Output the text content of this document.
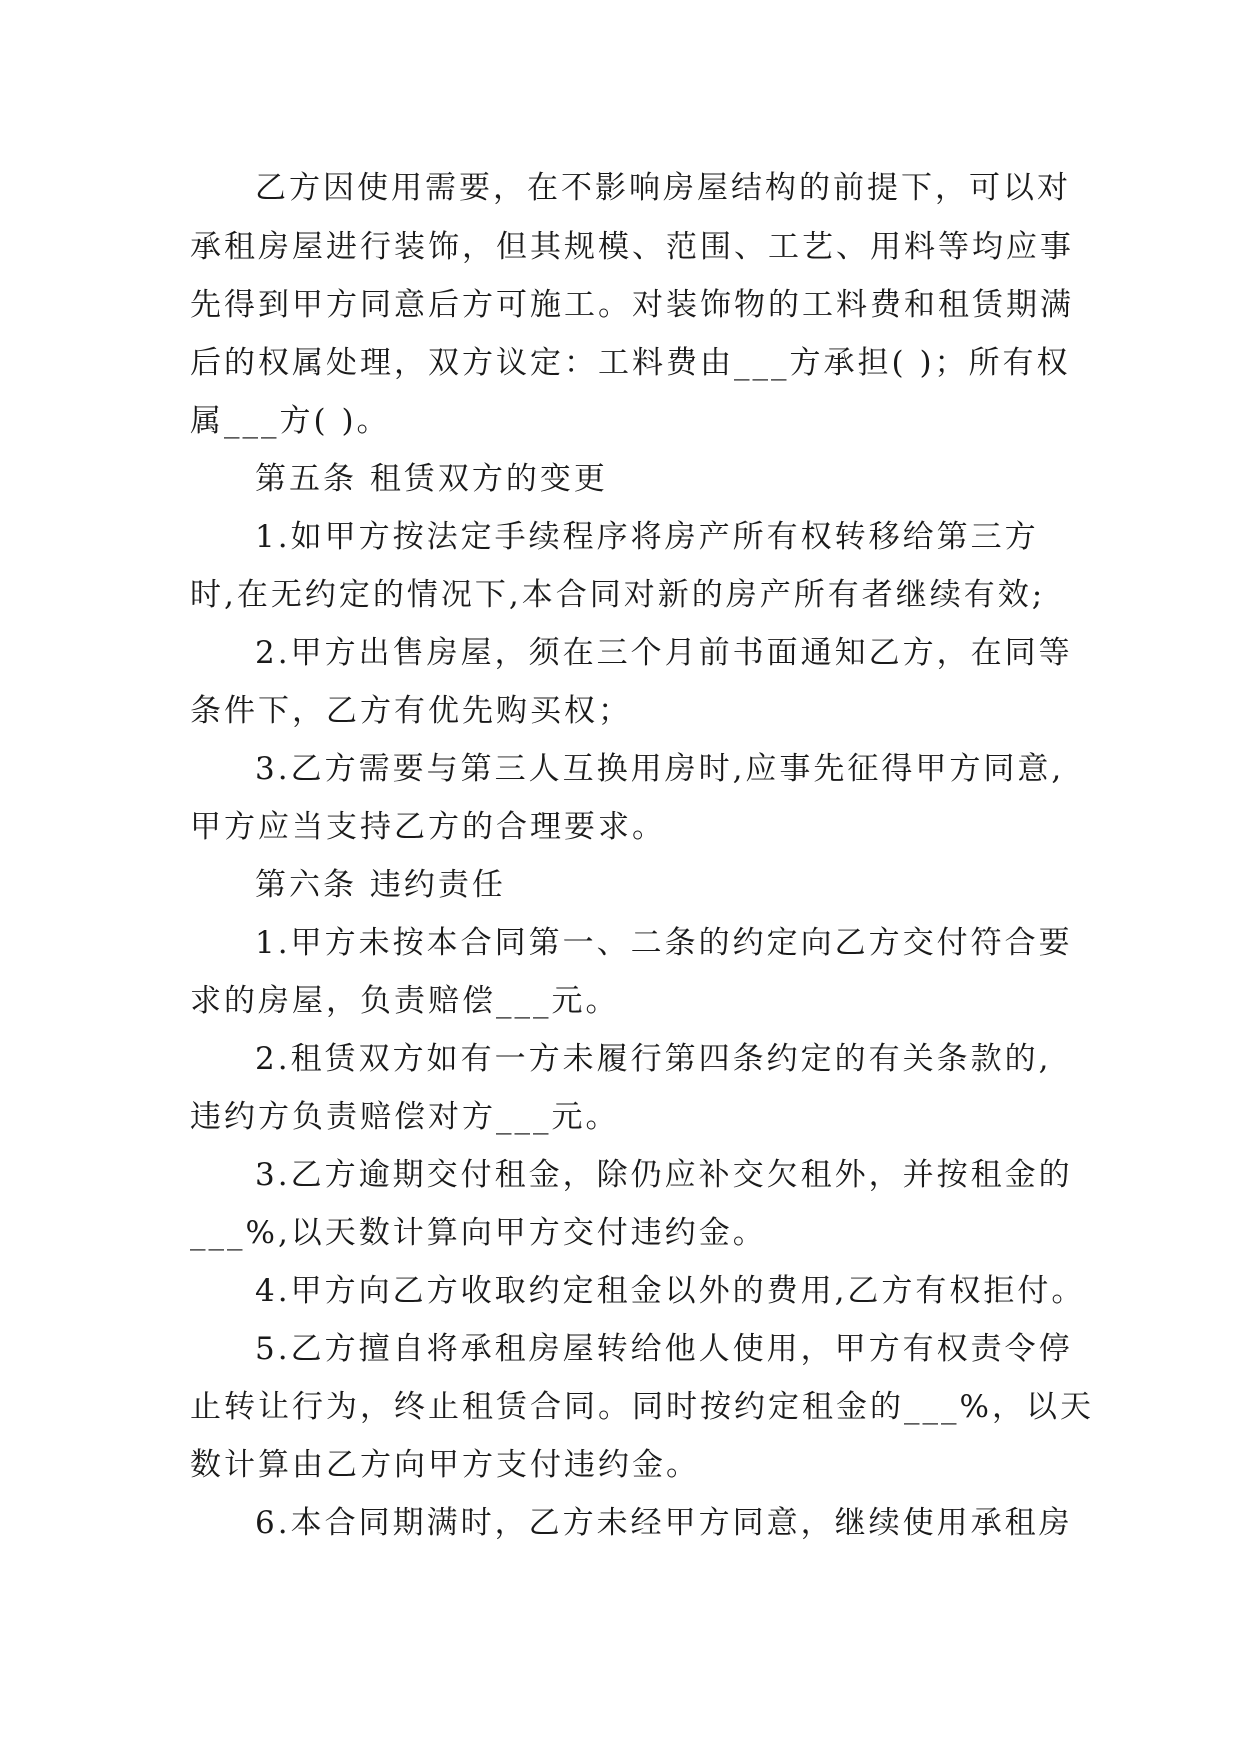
乙方因使用需要，在不影响房屋结构的前提下，可以对
承租房屋进行装饰，但其规模、范围、工艺、用料等均应事
先得到甲方同意后方可施工。对装饰物的工料费和租赁期满
后的权属处理，双方议定：工料费由___方承担( )；所有权
属___方( )。
第五条 租赁双方的变更
1.如甲方按法定手续程序将房产所有权转移给第三方
时,在无约定的情况下,本合同对新的房产所有者继续有效;
2.甲方出售房屋，须在三个月前书面通知乙方，在同等
条件下，乙方有优先购买权；
3.乙方需要与第三人互换用房时,应事先征得甲方同意,
甲方应当支持乙方的合理要求。
第六条 违约责任
1.甲方未按本合同第一、二条的约定向乙方交付符合要
求的房屋，负责赔偿___元。
2.租赁双方如有一方未履行第四条约定的有关条款的,
违约方负责赔偿对方___元。
3.乙方逾期交付租金，除仍应补交欠租外，并按租金的
___%,以天数计算向甲方交付违约金。
4.甲方向乙方收取约定租金以外的费用,乙方有权拒付。
5.乙方擅自将承租房屋转给他人使用，甲方有权责令停
止转让行为，终止租赁合同。同时按约定租金的___%，以天
数计算由乙方向甲方支付违约金。
6.本合同期满时，乙方未经甲方同意，继续使用承租房
